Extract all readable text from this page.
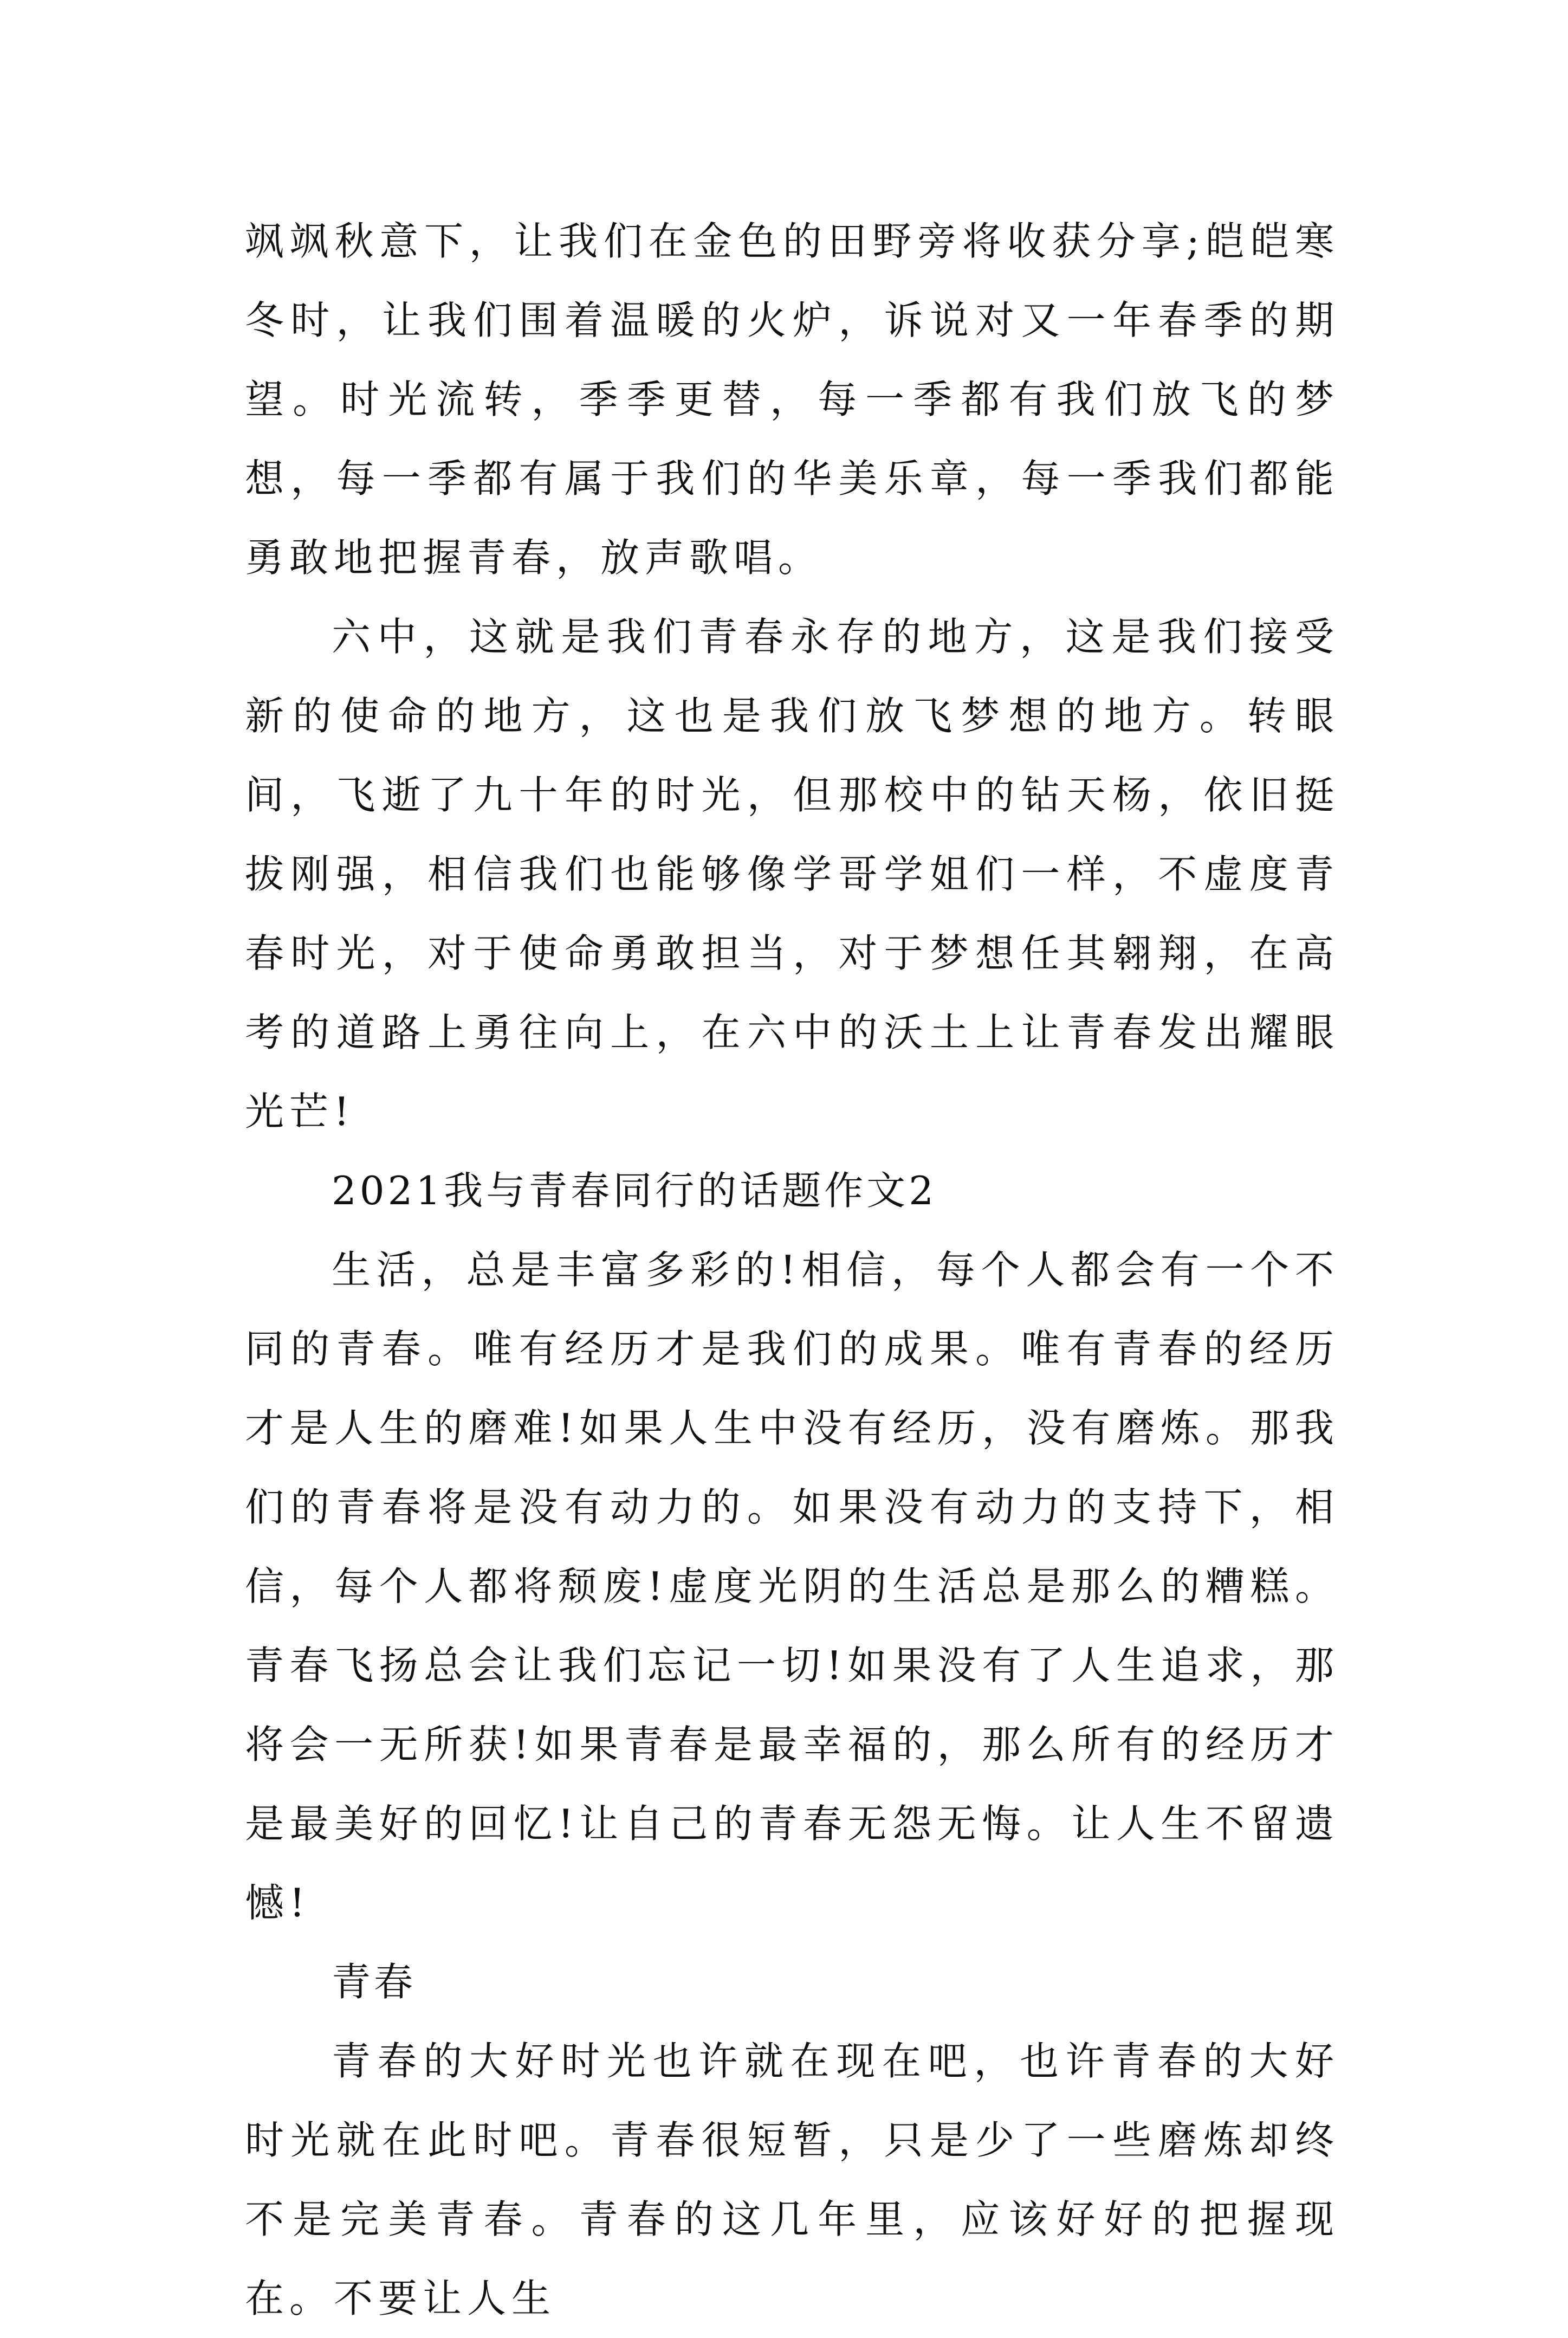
飒飒秋意下，让我们在金色的田野旁将收获分享;皑皑寒冬时，让我们围着温暖的火炉，诉说对又一年春季的期望。时光流转，季季更替，每一季都有我们放飞的梦想，每一季都有属于我们的华美乐章，每一季我们都能勇敢地把握青春，放声歌唱。

六中，这就是我们青春永存的地方，这是我们接受新的使命的地方，这也是我们放飞梦想的地方。转眼间，飞逝了九十年的时光，但那校中的钻天杨，依旧挺拔刚强，相信我们也能够像学哥学姐们一样，不虚度青春时光，对于使命勇敢担当，对于梦想任其翱翔，在高考的道路上勇往向上，在六中的沃土上让青春发出耀眼光芒!

2021我与青春同行的话题作文2

生活，总是丰富多彩的!相信，每个人都会有一个不同的青春。唯有经历才是我们的成果。唯有青春的经历才是人生的磨难!如果人生中没有经历，没有磨炼。那我们的青春将是没有动力的。如果没有动力的支持下，相信，每个人都将颓废!虚度光阴的生活总是那么的糟糕。青春飞扬总会让我们忘记一切!如果没有了人生追求，那将会一无所获!如果青春是最幸福的，那么所有的经历才是最美好的回忆!让自己的青春无怨无悔。让人生不留遗憾!

青春

青春的大好时光也许就在现在吧，也许青春的大好时光就在此时吧。青春很短暂，只是少了一些磨炼却终不是完美青春。青春的这几年里，应该好好的把握现在。不要让人生
